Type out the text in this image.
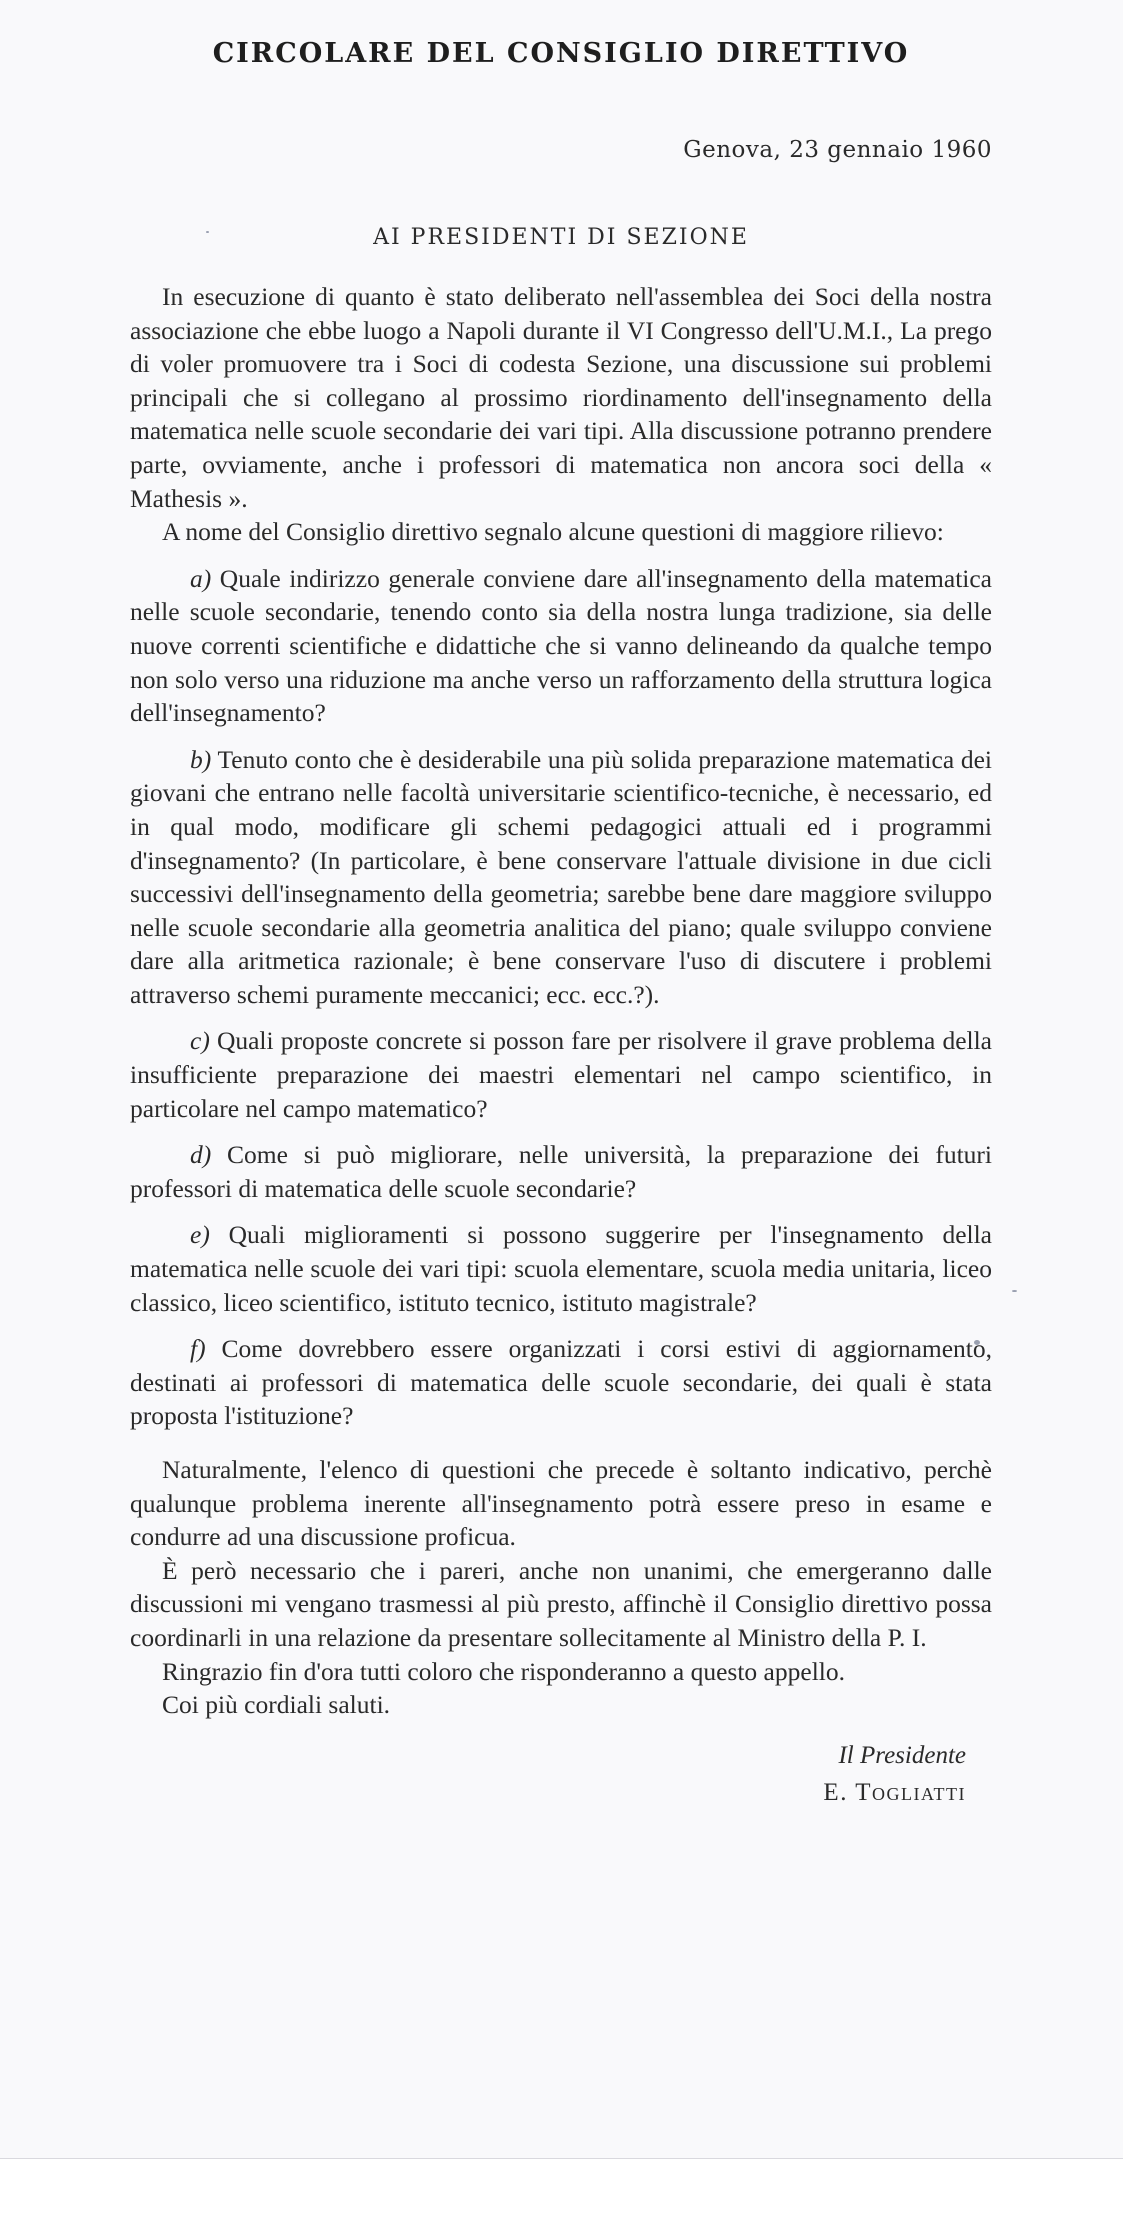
CIRCOLARE DEL CONSIGLIO DIRETTIVO
Genova, 23 gennaio 1960
AI PRESIDENTI DI SEZIONE

In esecuzione di quanto è stato deliberato nell'assemblea dei Soci della nostra associazione che ebbe luogo a Napoli durante il VI Congresso dell'U.M.I., La prego di voler promuovere tra i Soci di codesta Sezione, una discussione sui problemi principali che si collegano al prossimo riordinamento dell'insegnamento della matematica nelle scuole secondarie dei vari tipi. Alla discussione potranno prendere parte, ovviamente, anche i professori di matematica non ancora soci della « Mathesis ».

A nome del Consiglio direttivo segnalo alcune questioni di maggiore rilievo:

a) Quale indirizzo generale conviene dare all'insegnamento della matematica nelle scuole secondarie, tenendo conto sia della nostra lunga tradizione, sia delle nuove correnti scientifiche e didattiche che si vanno delineando da qualche tempo non solo verso una riduzione ma anche verso un rafforzamento della struttura logica dell'insegnamento?

b) Tenuto conto che è desiderabile una più solida preparazione matematica dei giovani che entrano nelle facoltà universitarie scientifico-tecniche, è necessario, ed in qual modo, modificare gli schemi pedagogici attuali ed i programmi d'insegnamento? (In particolare, è bene conservare l'attuale divisione in due cicli successivi dell'insegnamento della geometria; sarebbe bene dare maggiore sviluppo nelle scuole secondarie alla geometria analitica del piano; quale sviluppo conviene dare alla aritmetica razionale; è bene conservare l'uso di discutere i problemi attraverso schemi puramente meccanici; ecc. ecc.?).

c) Quali proposte concrete si posson fare per risolvere il grave problema della insufficiente preparazione dei maestri elementari nel campo scientifico, in particolare nel campo matematico?

d) Come si può migliorare, nelle università, la preparazione dei futuri professori di matematica delle scuole secondarie?

e) Quali miglioramenti si possono suggerire per l'insegnamento della matematica nelle scuole dei vari tipi: scuola elementare, scuola media unitaria, liceo classico, liceo scientifico, istituto tecnico, istituto magistrale?

f) Come dovrebbero essere organizzati i corsi estivi di aggiornamento, destinati ai professori di matematica delle scuole secondarie, dei quali è stata proposta l'istituzione?

Naturalmente, l'elenco di questioni che precede è soltanto indicativo, perchè qualunque problema inerente all'insegnamento potrà essere preso in esame e condurre ad una discussione proficua.

È però necessario che i pareri, anche non unanimi, che emergeranno dalle discussioni mi vengano trasmessi al più presto, affinchè il Consiglio direttivo possa coordinarli in una relazione da presentare sollecitamente al Ministro della P. I.

Ringrazio fin d'ora tutti coloro che risponderanno a questo appello.

Coi più cordiali saluti.

Il Presidente
E. Togliatti
